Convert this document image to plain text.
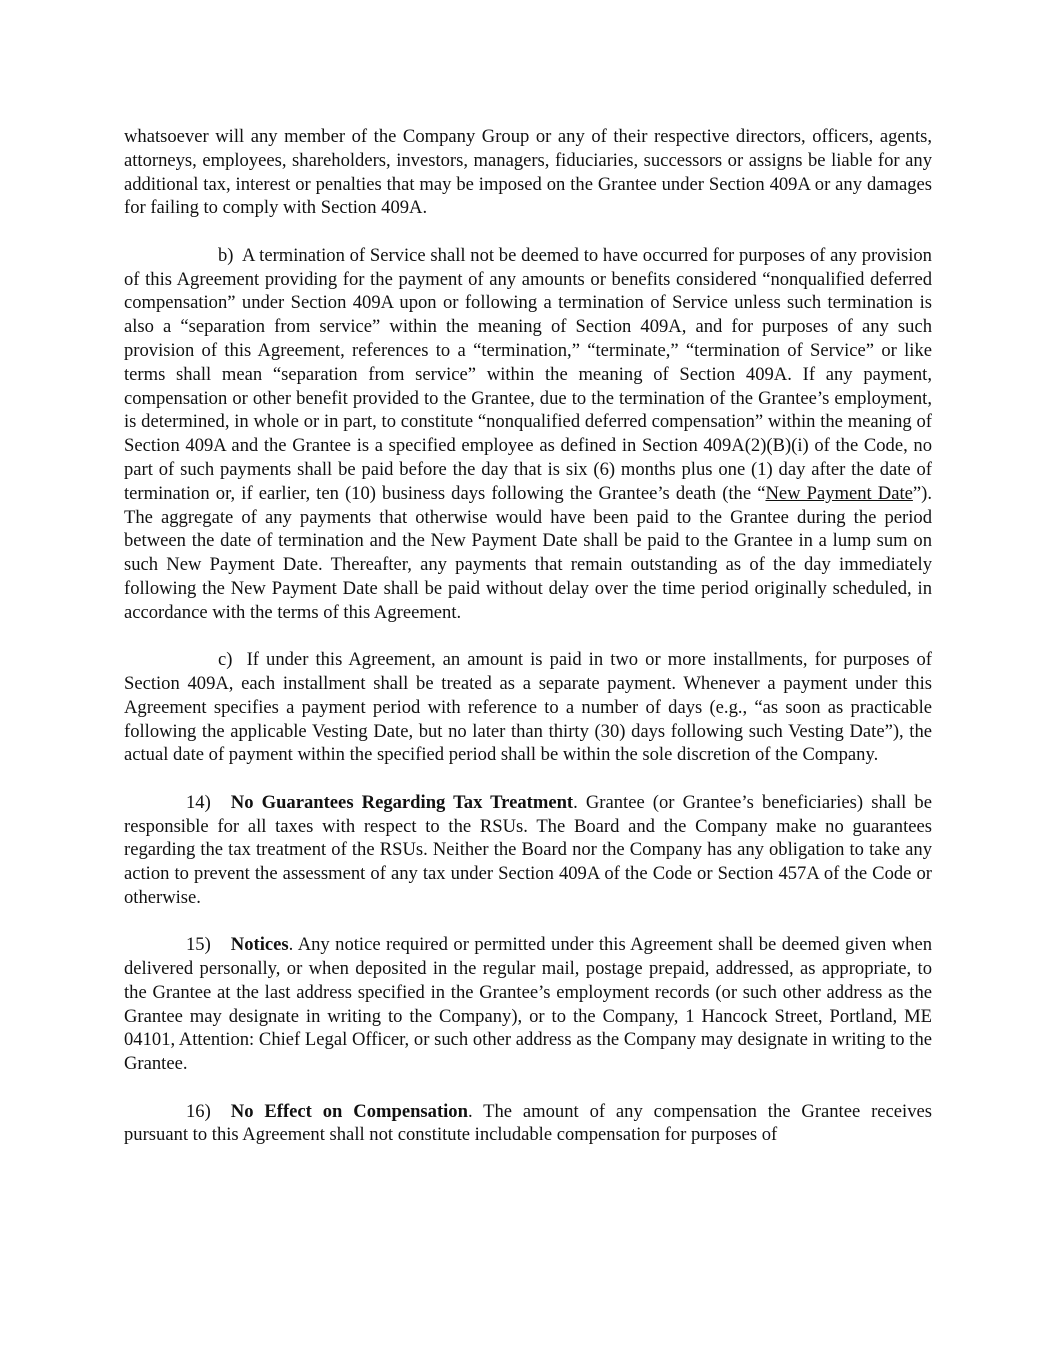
whatsoever will any member of the Company Group or any of their respective directors, officers, agents, attorneys, employees, shareholders, investors, managers, fiduciaries, successors or assigns be liable for any additional tax, interest or penalties that may be imposed on the Grantee under Section 409A or any damages for failing to comply with Section 409A.

b) A termination of Service shall not be deemed to have occurred for purposes of any provision of this Agreement providing for the payment of any amounts or benefits considered “nonqualified deferred compensation” under Section 409A upon or following a termination of Service unless such termination is also a “separation from service” within the meaning of Section 409A, and for purposes of any such provision of this Agreement, references to a “termination,” “terminate,” “termination of Service” or like terms shall mean “separation from service” within the meaning of Section 409A. If any payment, compensation or other benefit provided to the Grantee, due to the termination of the Grantee’s employment, is determined, in whole or in part, to constitute “nonqualified deferred compensation” within the meaning of Section 409A and the Grantee is a specified employee as defined in Section 409A(2)(B)(i) of the Code, no part of such payments shall be paid before the day that is six (6) months plus one (1) day after the date of termination or, if earlier, ten (10) business days following the Grantee’s death (the “New Payment Date”). The aggregate of any payments that otherwise would have been paid to the Grantee during the period between the date of termination and the New Payment Date shall be paid to the Grantee in a lump sum on such New Payment Date. Thereafter, any payments that remain outstanding as of the day immediately following the New Payment Date shall be paid without delay over the time period originally scheduled, in accordance with the terms of this Agreement.

c) If under this Agreement, an amount is paid in two or more installments, for purposes of Section 409A, each installment shall be treated as a separate payment. Whenever a payment under this Agreement specifies a payment period with reference to a number of days (e.g., “as soon as practicable following the applicable Vesting Date, but no later than thirty (30) days following such Vesting Date”), the actual date of payment within the specified period shall be within the sole discretion of the Company.

14) No Guarantees Regarding Tax Treatment. Grantee (or Grantee’s beneficiaries) shall be responsible for all taxes with respect to the RSUs. The Board and the Company make no guarantees regarding the tax treatment of the RSUs. Neither the Board nor the Company has any obligation to take any action to prevent the assessment of any tax under Section 409A of the Code or Section 457A of the Code or otherwise.

15) Notices. Any notice required or permitted under this Agreement shall be deemed given when delivered personally, or when deposited in the regular mail, postage prepaid, addressed, as appropriate, to the Grantee at the last address specified in the Grantee’s employment records (or such other address as the Grantee may designate in writing to the Company), or to the Company, 1 Hancock Street, Portland, ME 04101, Attention: Chief Legal Officer, or such other address as the Company may designate in writing to the Grantee.

16) No Effect on Compensation. The amount of any compensation the Grantee receives pursuant to this Agreement shall not constitute includable compensation for purposes of
